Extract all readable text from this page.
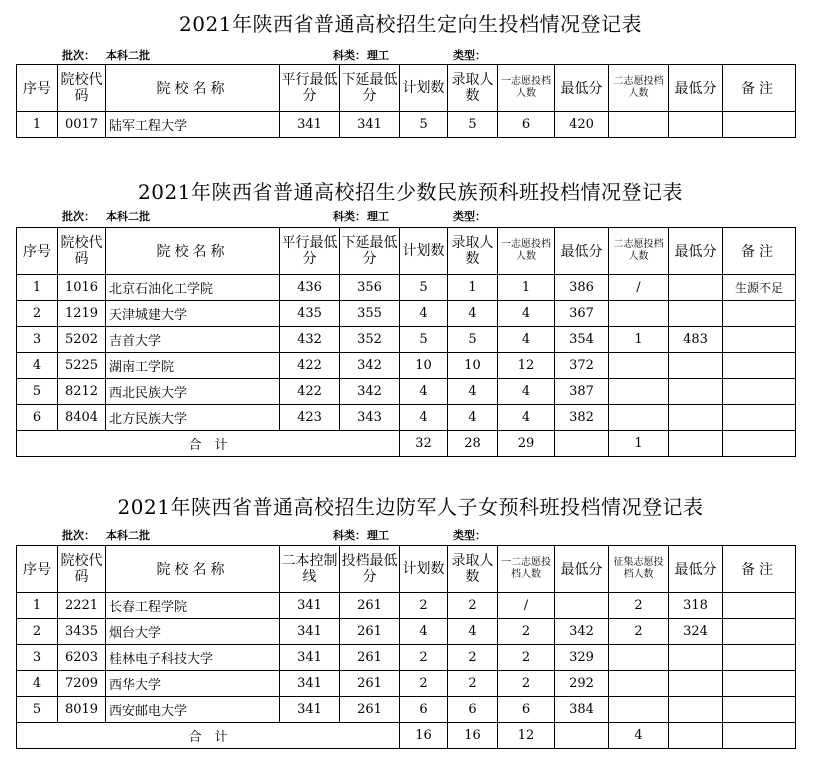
2021年陕西省普通高校招生定向生投档情况登记表
批次： 本科二批	科类： 理工	类型：
序号	院校代码	院校名称	平行最低分	下延最低分	计划数	录取人数	一志愿投档人数	最低分	二志愿投档人数	最低分	备注
1	0017	陆军工程大学	341	341	5	5	6	420			
2021年陕西省普通高校招生少数民族预科班投档情况登记表
批次： 本科二批	科类： 理工	类型：
序号	院校代码	院校名称	平行最低分	下延最低分	计划数	录取人数	一志愿投档人数	最低分	二志愿投档人数	最低分	备注
1	1016	北京石油化工学院	436	356	5	1	1	386	/		生源不足
2	1219	天津城建大学	435	355	4	4	4	367			
3	5202	吉首大学	432	352	5	5	4	354	1	483	
4	5225	湖南工学院	422	342	10	10	12	372			
5	8212	西北民族大学	422	342	4	4	4	387			
6	8404	北方民族大学	423	343	4	4	4	382			
合　计					32	28	29		1		
2021年陕西省普通高校招生边防军人子女预科班投档情况登记表
批次： 本科二批	科类： 理工	类型：
序号	院校代码	院校名称	二本控制线	投档最低分	计划数	录取人数	一二志愿投档人数	最低分	征集志愿投档人数	最低分	备注
1	2221	长春工程学院	341	261	2	2	/		2	318	
2	3435	烟台大学	341	261	4	4	2	342	2	324	
3	6203	桂林电子科技大学	341	261	2	2	2	329			
4	7209	西华大学	341	261	2	2	2	292			
5	8019	西安邮电大学	341	261	6	6	6	384			
合　计					16	16	12		4		
